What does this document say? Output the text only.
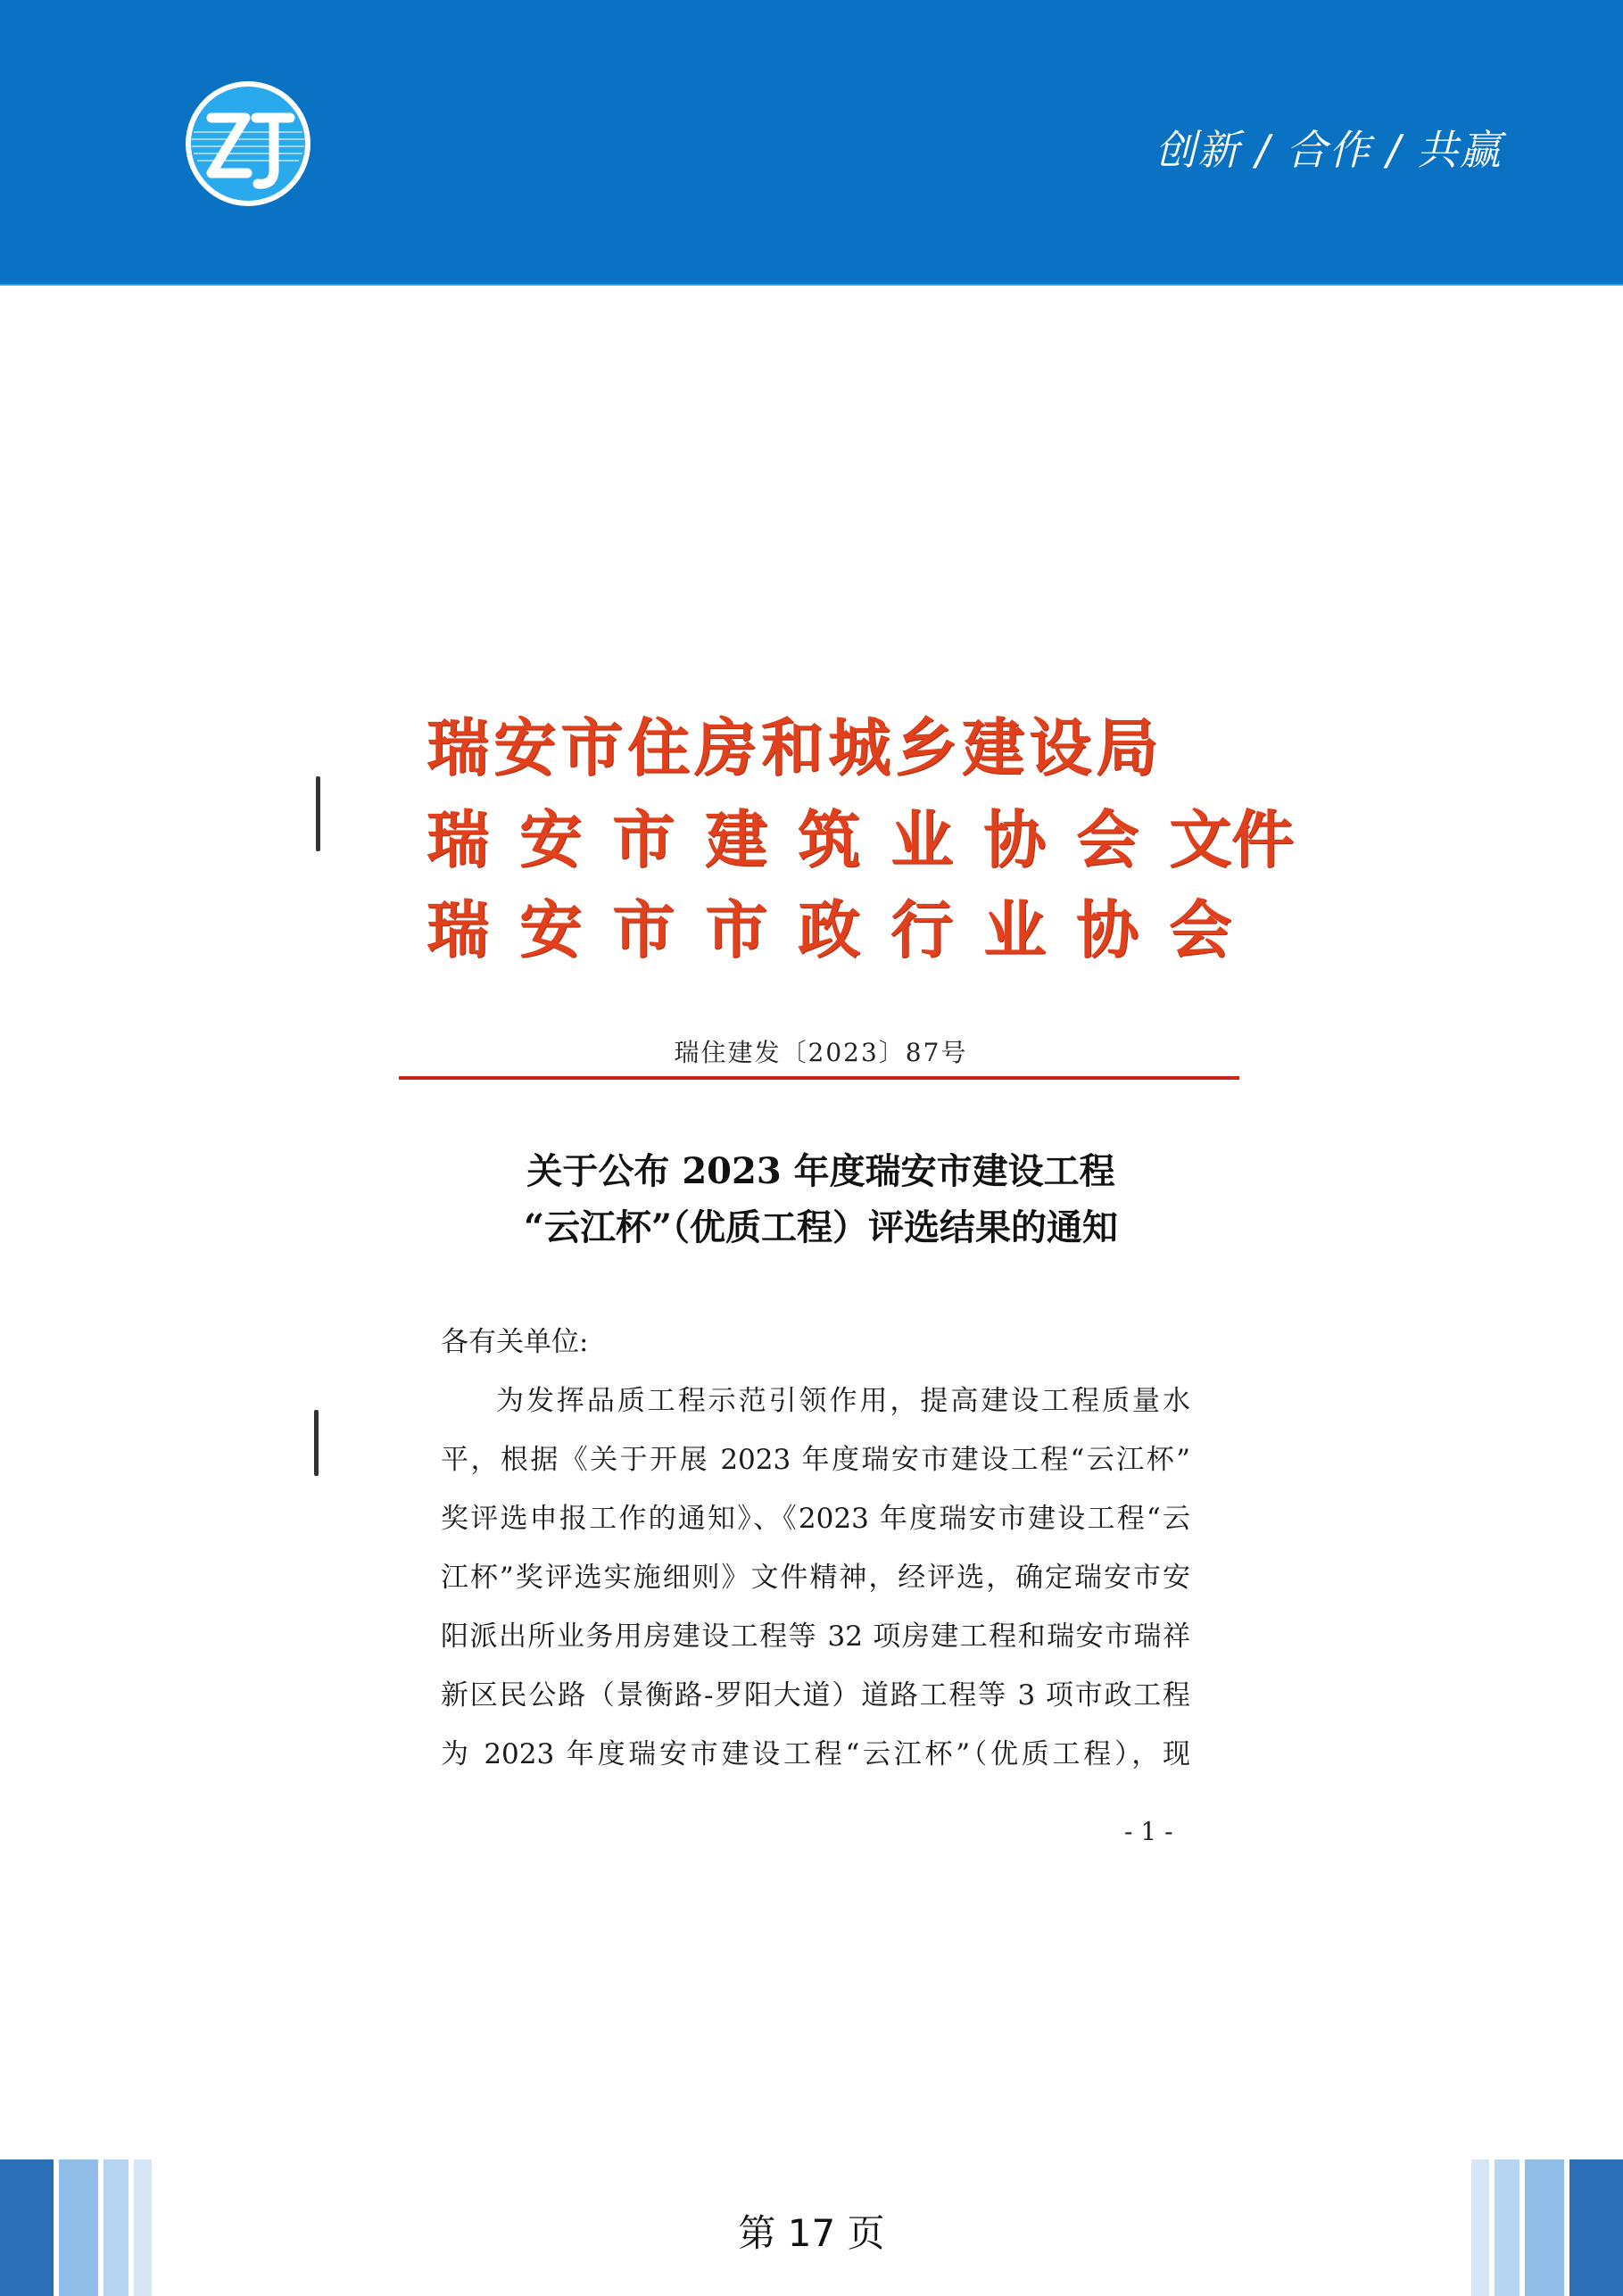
创新 / 合作 / 共赢
瑞安市住房和城乡建设局
瑞安市建筑业协会文件
瑞安市市政行业协会
瑞住建发〔2023〕87号
关于公布 2023 年度瑞安市建设工程
“云江杯”（优质工程）评选结果的通知
各有关单位:
为发挥品质工程示范引领作用，提高建设工程质量水
平，根据《关于开展 2023 年度瑞安市建设工程“云江杯”
奖评选申报工作的通知》、《2023 年度瑞安市建设工程“云
江杯”奖评选实施细则》文件精神，经评选，确定瑞安市安
阳派出所业务用房建设工程等 32 项房建工程和瑞安市瑞祥
新区民公路（景衡路-罗阳大道）道路工程等 3 项市政工程
为 2023 年度瑞安市建设工程“云江杯”（优质工程），现
- 1 -
第 17 页
